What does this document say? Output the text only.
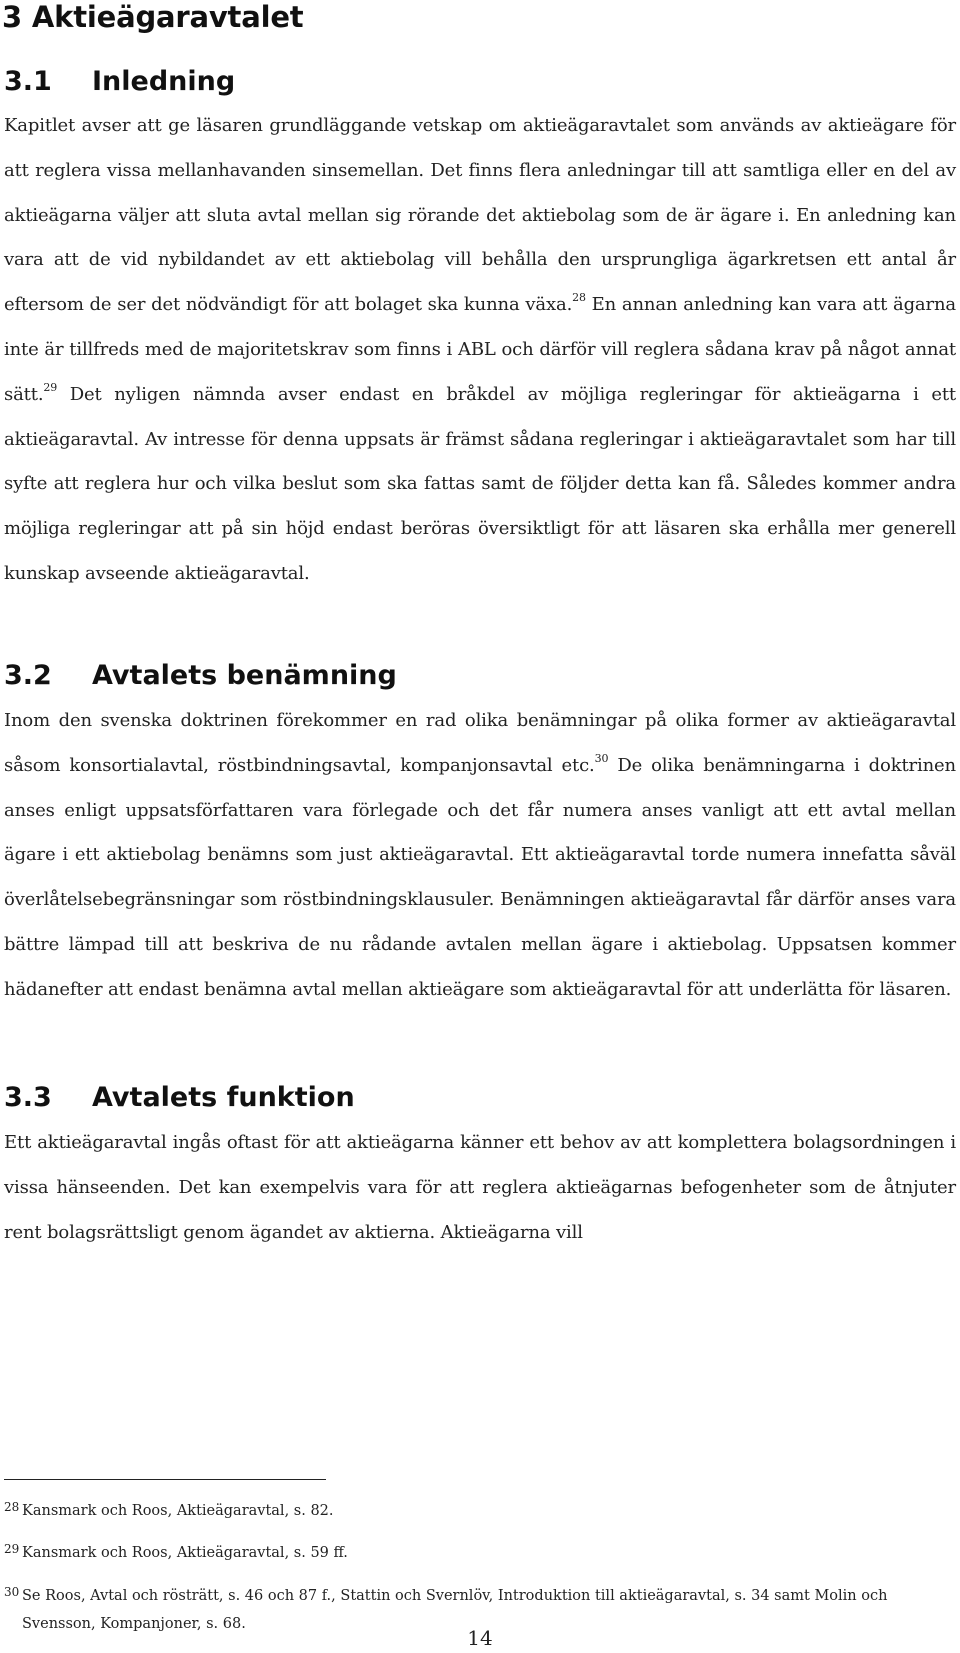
3 Aktieägaravtalet
3.1 Inledning

Kapitlet avser att ge läsaren grundläggande vetskap om aktieägaravtalet som används av aktieägare för att reglera vissa mellanhavanden sinsemellan. Det finns flera anledningar till att samtliga eller en del av aktieägarna väljer att sluta avtal mellan sig rörande det aktiebolag som de är ägare i. En anledning kan vara att de vid nybildandet av ett aktiebolag vill behålla den ursprungliga ägarkretsen ett antal år eftersom de ser det nödvändigt för att bolaget ska kunna växa.$^{28}$ En annan anledning kan vara att ägarna inte är tillfreds med de majoritetskrav som finns i ABL och därför vill reglera sådana krav på något annat sätt.$^{29}$ Det nyligen nämnda avser endast en bråkdel av möjliga regleringar för aktieägarna i ett aktieägaravtal. Av intresse för denna uppsats är främst sådana regleringar i aktieägaravtalet som har till syfte att reglera hur och vilka beslut som ska fattas samt de följder detta kan få. Således kommer andra möjliga regleringar att på sin höjd endast beröras översiktligt för att läsaren ska erhålla mer generell kunskap avseende aktieägaravtal.

3.2 Avtalets benämning

Inom den svenska doktrinen förekommer en rad olika benämningar på olika former av aktieägaravtal såsom konsortialavtal, röstbindningsavtal, kompanjonsavtal etc.$^{30}$ De olika benämningarna i doktrinen anses enligt uppsatsförfattaren vara förlegade och det får numera anses vanligt att ett avtal mellan ägare i ett aktiebolag benämns som just aktieägaravtal. Ett aktieägaravtal torde numera innefatta såväl överlåtelsebegränsningar som röstbindningsklausuler. Benämningen aktieägaravtal får därför anses vara bättre lämpad till att beskriva de nu rådande avtalen mellan ägare i aktiebolag. Uppsatsen kommer hädanefter att endast benämna avtal mellan aktieägare som aktieägaravtal för att underlätta för läsaren.

3.3 Avtalets funktion

Ett aktieägaravtal ingås oftast för att aktieägarna känner ett behov av att komplettera bolagsordningen i vissa hänseenden. Det kan exempelvis vara för att reglera aktieägarnas befogenheter som de åtnjuter rent bolagsrättsligt genom ägandet av aktierna. Aktieägarna vill

28 Kansmark och Roos, Aktieägaravtal, s. 82.

29 Kansmark och Roos, Aktieägaravtal, s. 59 ff.

30 Se Roos, Avtal och rösträtt, s. 46 och 87 f., Stattin och Svernlöv, Introduktion till aktieägaravtal, s. 34 samt Molin och Svensson, Kompanjoner, s. 68.

14
